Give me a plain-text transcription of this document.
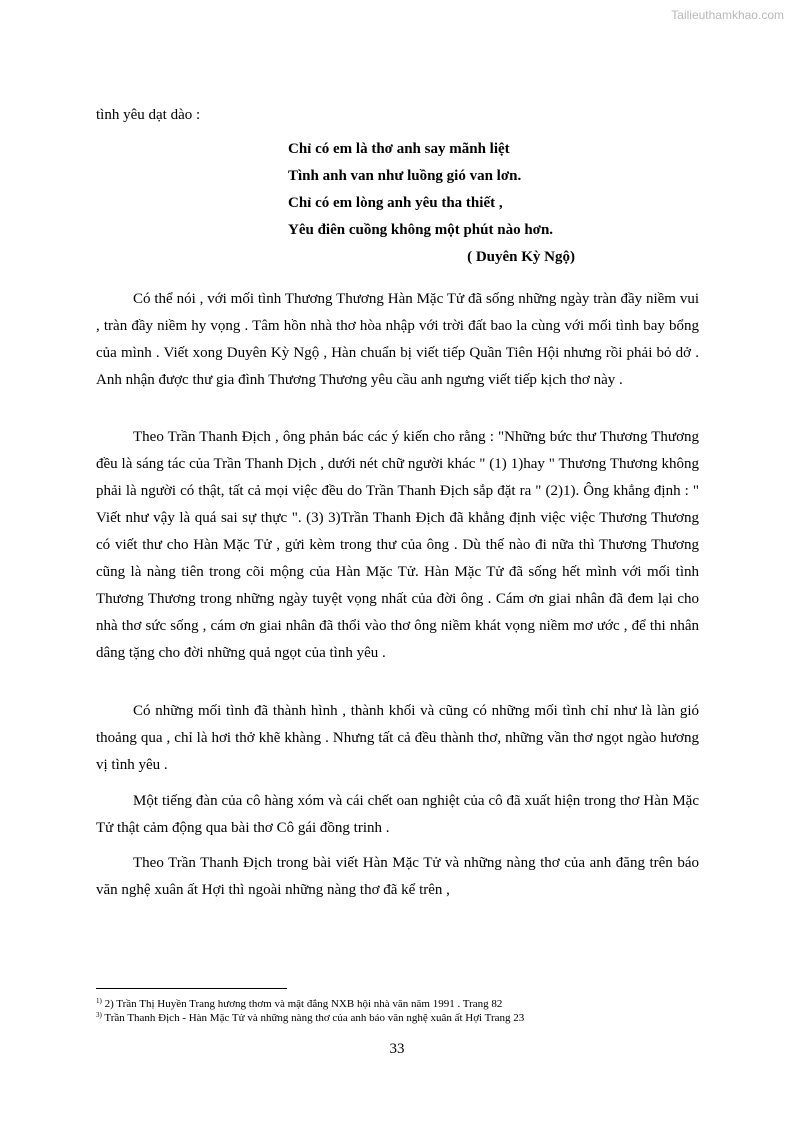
Tailieuthamkhao.com
tình yêu dạt dào :
Chỉ có em là thơ anh say mãnh liệt
Tình anh van như luồng gió van lơn.
Chỉ có em lòng anh yêu tha thiết ,
Yêu điên cuồng không một phút nào hơn.
( Duyên Kỳ Ngộ)

Có thể nói , với mối tình Thương Thương Hàn Mặc Tử đã sống những ngày tràn đầy niềm vui , tràn đầy niềm hy vọng . Tâm hồn nhà thơ hòa nhập với trời đất bao la cùng với mối tình bay bổng của mình . Viết xong Duyên Kỳ Ngộ , Hàn chuẩn bị viết tiếp Quần Tiên Hội nhưng rồi phải bỏ dở . Anh nhận được thư gia đình Thương Thương yêu cầu anh ngưng viết tiếp kịch thơ này .

Theo Trần Thanh Địch , ông phản bác các ý kiến cho rằng : "Những bức thư Thương Thương đều là sáng tác của Trần Thanh Dịch , dưới nét chữ người khác " (1) 1)hay " Thương Thương không phải là người có thật, tất cả mọi việc đều do Trần Thanh Địch sắp đặt ra " (2)1). Ông khẳng định : " Viết như vậy là quá sai sự thực ". (3) 3)Trần Thanh Địch đã khẳng định việc việc Thương Thương có viết thư cho Hàn Mặc Tử , gửi kèm trong thư của ông . Dù thế nào đi nữa thì Thương Thương cũng là nàng tiên trong cõi mộng của Hàn Mặc Tử. Hàn Mặc Tử đã sống hết mình với mối tình Thương Thương trong những ngày tuyệt vọng nhất của đời ông . Cám ơn giai nhân đã đem lại cho nhà thơ sức sống , cám ơn giai nhân đã thổi vào thơ ông niềm khát vọng niềm mơ ước , để thi nhân dâng tặng cho đời những quả ngọt của tình yêu .

Có những mối tình đã thành hình , thành khối và cũng có những mối tình chỉ như là làn gió thoảng qua , chỉ là hơi thở khẽ khàng . Nhưng tất cả đều thành thơ, những vần thơ ngọt ngào hương vị tình yêu .

Một tiếng đàn của cô hàng xóm và cái chết oan nghiệt của cô đã xuất hiện trong thơ Hàn Mặc Tử thật cảm động qua bài thơ Cô gái đồng trinh .

Theo Trần Thanh Địch trong bài viết Hàn Mặc Tử và những nàng thơ của anh đăng trên báo văn nghệ xuân ất Hợi thì ngoài những nàng thơ đã kể trên ,

$^{1)}$ 2) Trần Thị Huyền Trang hương thơm và mật đắng NXB hội nhà văn năm 1991 . Trang 82
$^{3)}$ Trần Thanh Địch - Hàn Mặc Tử và những nàng thơ của anh báo văn nghệ xuân ất Hợi Trang 23
33
